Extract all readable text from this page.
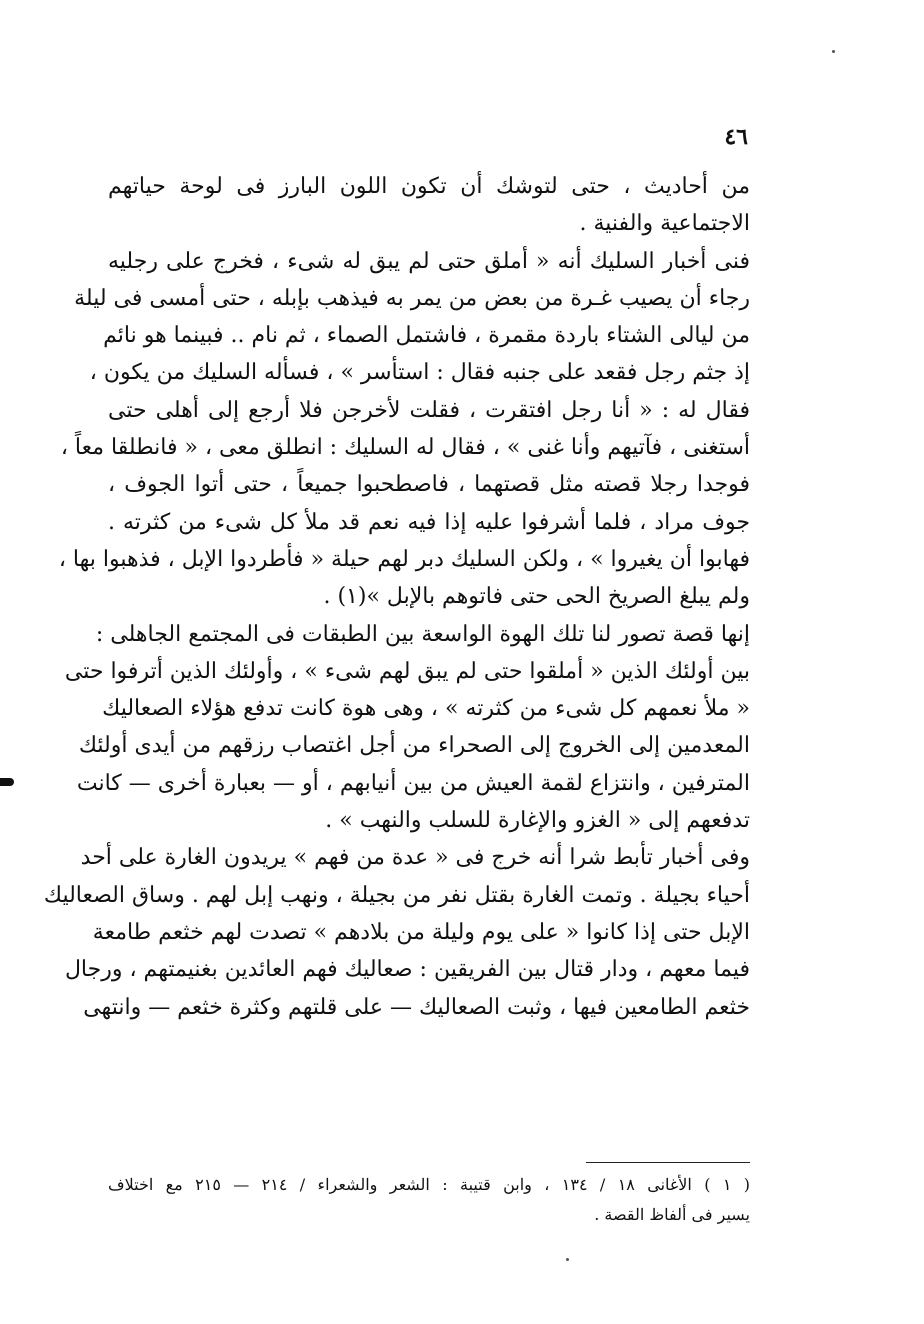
٤٦
من أحاديث ، حتى لتوشك أن تكون اللون البارز فى لوحة حياتهم
الاجتماعية والفنية .
فنى أخبار السليك أنه « أملق حتى لم يبق له شىء ، فخرج على رجليه
رجاء أن يصيب غـرة من بعض من يمر به فيذهب بإبله ، حتى أمسى فى ليلة
من ليالى الشتاء باردة مقمرة ، فاشتمل الصماء ، ثم نام .. فبينما هو نائم
إذ جثم رجل فقعد على جنبه فقال : استأسر » ، فسأله السليك من يكون ،
فقال له : « أنا رجل افتقرت ، فقلت لأخرجن فلا أرجع إلى أهلى حتى
أستغنى ، فآتيهم وأنا غنى » ، فقال له السليك : انطلق معى ، « فانطلقا معاً ،
فوجدا رجلا قصته مثل قصتهما ، فاصطحبوا جميعاً ، حتى أتوا الجوف ،
جوف مراد ، فلما أشرفوا عليه إذا فيه نعم قد ملأ كل شىء من كثرته .
فهابوا أن يغيروا » ، ولكن السليك دبر لهم حيلة « فأطردوا الإبل ، فذهبوا بها ،
ولم يبلغ الصريخ الحى حتى فاتوهم بالإبل »(١) .
إنها قصة تصور لنا تلك الهوة الواسعة بين الطبقات فى المجتمع الجاهلى :
بين أولئك الذين « أملقوا حتى لم يبق لهم شىء » ، وأولئك الذين أترفوا حتى
« ملأ نعمهم كل شىء من كثرته » ، وهى هوة كانت تدفع هؤلاء الصعاليك
المعدمين إلى الخروج إلى الصحراء من أجل اغتصاب رزقهم من أيدى أولئك
المترفين ، وانتزاع لقمة العيش من بين أنيابهم ، أو — بعبارة أخرى — كانت
تدفعهم إلى « الغزو والإغارة للسلب والنهب » .
وفى أخبار تأبط شرا أنه خرج فى « عدة من فهم » يريدون الغارة على أحد
أحياء بجيلة . وتمت الغارة بقتل نفر من بجيلة ، ونهب إبل لهم . وساق الصعاليك
الإبل حتى إذا كانوا « على يوم وليلة من بلادهم » تصدت لهم خثعم طامعة
فيما معهم ، ودار قتال بين الفريقين : صعاليك فهم العائدين بغنيمتهم ، ورجال
خثعم الطامعين فيها ، وثبت الصعاليك — على قلتهم وكثرة خثعم — وانتهى
( ١ ) الأغانى ١٨ / ١٣٤ ، وابن قتيبة : الشعر والشعراء / ٢١٤ — ٢١٥ مع اختلاف
يسير فى ألفاظ القصة .
